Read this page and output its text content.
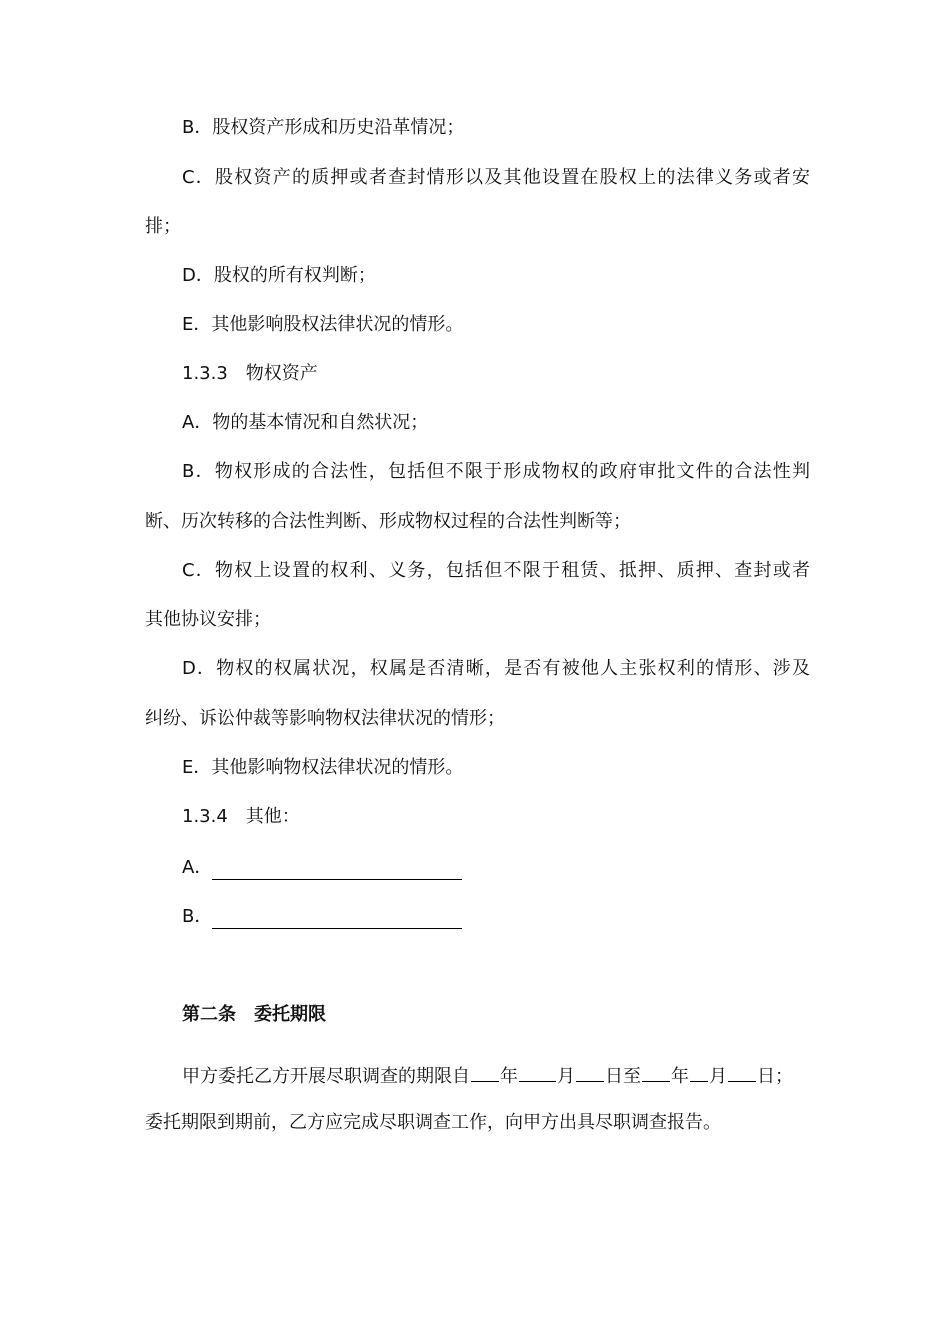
B．股权资产形成和历史沿革情况；
C．股权资产的质押或者查封情形以及其他设置在股权上的法律义务或者安
排；
D．股权的所有权判断；
E．其他影响股权法律状况的情形。
1.3.3　物权资产
A．物的基本情况和自然状况；
B．物权形成的合法性，包括但不限于形成物权的政府审批文件的合法性判
断、历次转移的合法性判断、形成物权过程的合法性判断等；
C．物权上设置的权利、义务，包括但不限于租赁、抵押、质押、查封或者
其他协议安排；
D．物权的权属状况，权属是否清晰，是否有被他人主张权利的情形、涉及
纠纷、诉讼仲裁等影响物权法律状况的情形；
E．其他影响物权法律状况的情形。
1.3.4　其他：
A．
B．
第二条　委托期限
甲方委托乙方开展尽职调查的期限自 年 月 日至 年 月 日；
委托期限到期前，乙方应完成尽职调查工作，向甲方出具尽职调查报告。
